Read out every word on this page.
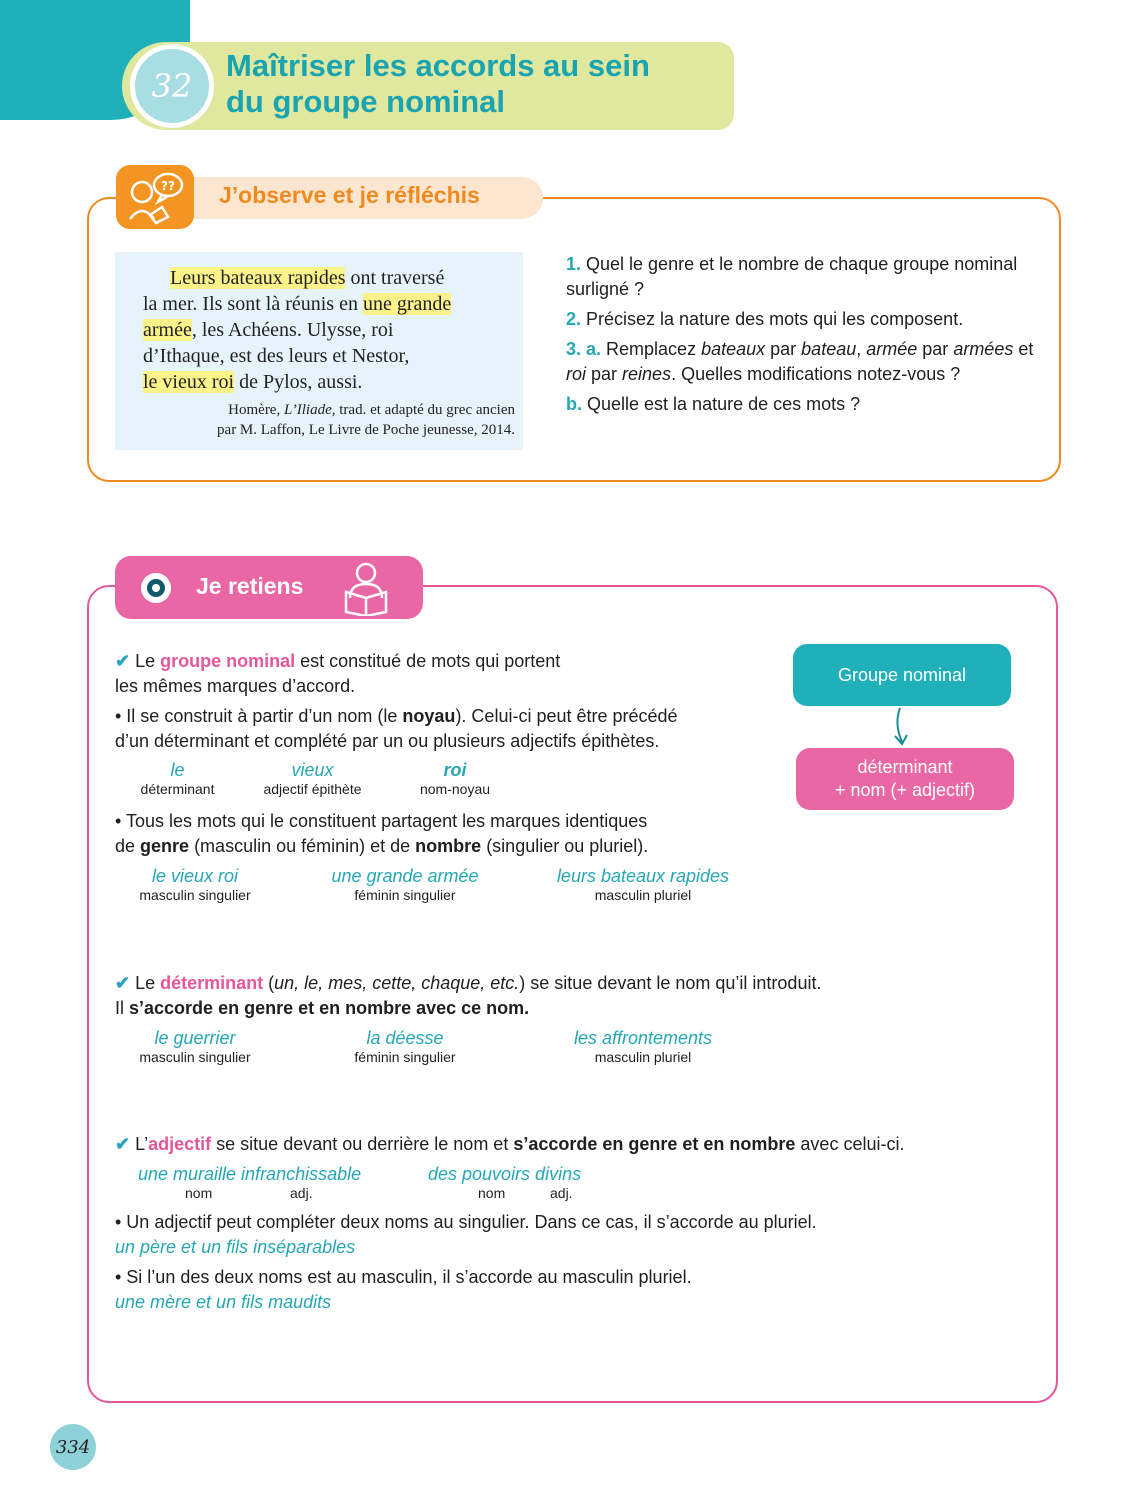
32
Maîtriser les accords au sein
du groupe nominal
?? J’observe et je réfléchis

Leurs bateaux rapides ont traversé

la mer. Ils sont là réunis en une grande

armée, les Achéens. Ulysse, roi

d’Ithaque, est des leurs et Nestor,

le vieux roi de Pylos, aussi.

Homère, L’Iliade, trad. et adapté du grec ancien
par M. Laffon, Le Livre de Poche jeunesse, 2014.
1. Quel le genre et le nombre de chaque groupe nominal surligné ?
2. Précisez la nature des mots qui les composent.
3. a. Remplacez bateaux par bateau, armée par armées et roi par reines. Quelles modifications notez-vous ?
b. Quelle est la nature de ces mots ?
Je retiens
✔ Le groupe nominal est constitué de mots qui portent
les mêmes marques d’accord.
• Il se construit à partir d’un nom (le noyau). Celui-ci peut être précédé
d’un déterminant et complété par un ou plusieurs adjectifs épithètes.
le
déterminant
vieux
adjectif épithète
roi
nom-noyau
• Tous les mots qui le constituent partagent les marques identiques
de genre (masculin ou féminin) et de nombre (singulier ou pluriel).
le vieux roi
masculin singulier
une grande armée
féminin singulier
leurs bateaux rapides
masculin pluriel
Groupe nominal
déterminant
+ nom (+ adjectif)
✔ Le déterminant (un, le, mes, cette, chaque, etc.) se situe devant le nom qu’il introduit.
Il s’accorde en genre et en nombre avec ce nom.
le guerrier
masculin singulier
la déesse
féminin singulier
les affrontements
masculin pluriel
✔ L’adjectif se situe devant ou derrière le nom et s’accorde en genre et en nombre avec celui-ci.
une muraille infranchissable
nom	adj.
des pouvoirs divins
nom	adj.
• Un adjectif peut compléter deux noms au singulier. Dans ce cas, il s’accorde au pluriel.
un père et un fils inséparables
• Si l’un des deux noms est au masculin, il s’accorde au masculin pluriel.
une mère et un fils maudits
334
